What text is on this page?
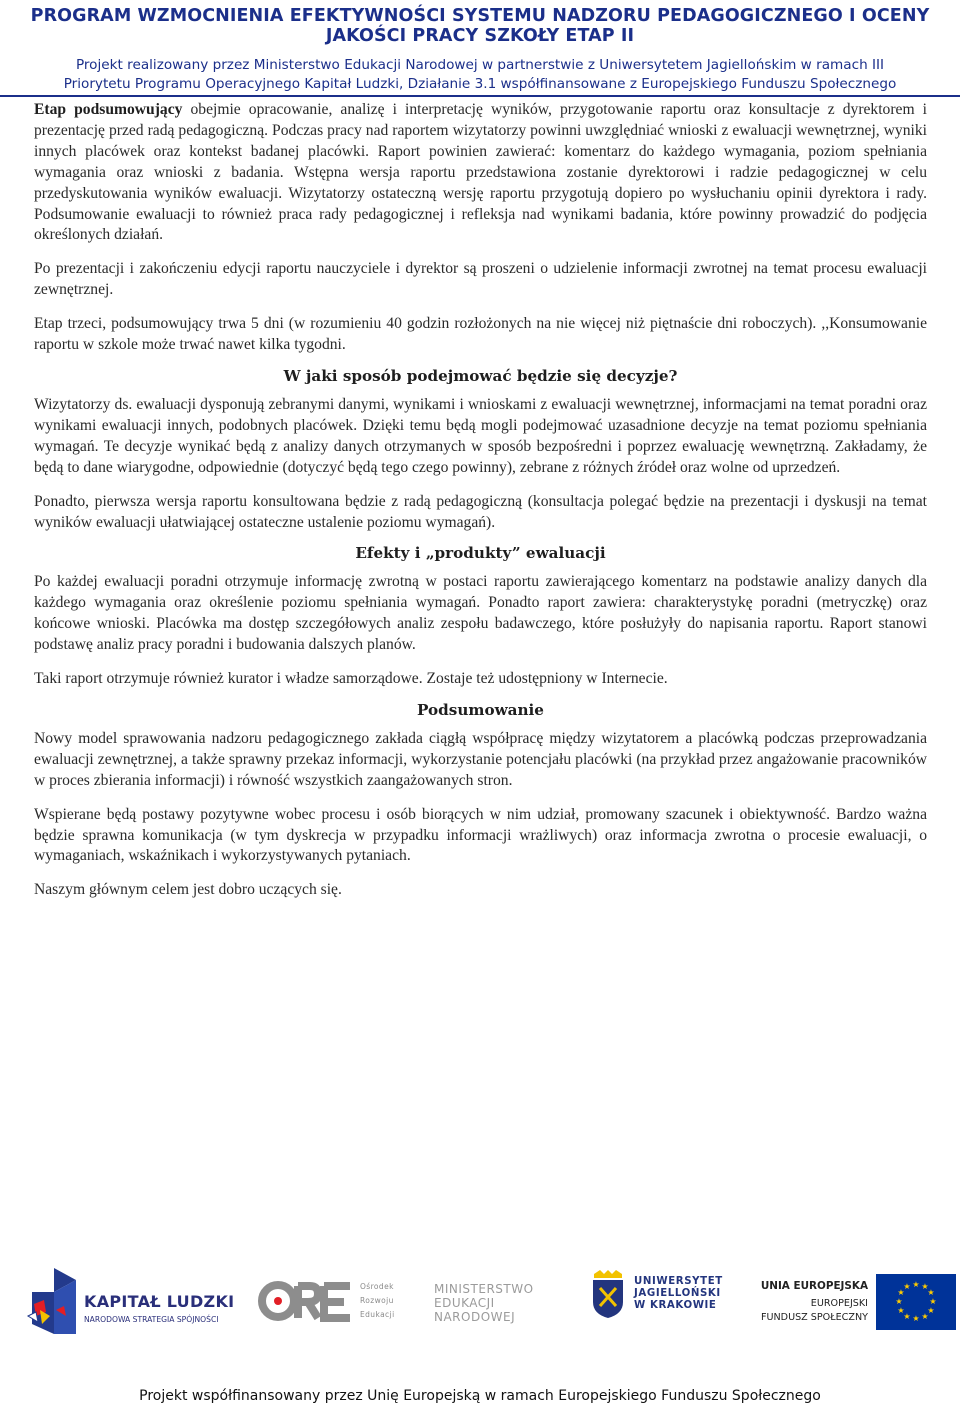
PROGRAM WZMOCNIENIA EFEKTYWNOŚCI SYSTEMU NADZORU PEDAGOGICZNEGO I OCENY
JAKOŚCI PRACY SZKOŁY ETAP II
Projekt realizowany przez Ministerstwo Edukacji Narodowej w partnerstwie z Uniwersytetem Jagiellońskim w ramach III
Priorytetu Programu Operacyjnego Kapitał Ludzki, Działanie 3.1 współfinansowane z Europejskiego Funduszu Społecznego

Etap podsumowujący obejmie opracowanie, analizę i interpretację wyników, przygotowanie raportu oraz konsultacje z dyrektorem i prezentację przed radą pedagogiczną. Podczas pracy nad raportem wizytatorzy powinni uwzględniać wnioski z ewaluacji wewnętrznej, wyniki innych placówek oraz kontekst badanej placówki. Raport powinien zawierać: komentarz do każdego wymagania, poziom spełniania wymagania oraz wnioski z badania. Wstępna wersja raportu przedstawiona zostanie dyrektorowi i radzie pedagogicznej w celu przedyskutowania wyników ewaluacji. Wizytatorzy ostateczną wersję raportu przygotują dopiero po wysłuchaniu opinii dyrektora i rady. Podsumowanie ewaluacji to również praca rady pedagogicznej i refleksja nad wynikami badania, które powinny prowadzić do podjęcia określonych działań.

Po prezentacji i zakończeniu edycji raportu nauczyciele i dyrektor są proszeni o udzielenie informacji zwrotnej na temat procesu ewaluacji zewnętrznej.

Etap trzeci, podsumowujący trwa 5 dni (w rozumieniu 40 godzin rozłożonych na nie więcej niż piętnaście dni roboczych). ,,Konsumowanie raportu w szkole może trwać nawet kilka tygodni.

W jaki sposób podejmować będzie się decyzje?

Wizytatorzy ds. ewaluacji dysponują zebranymi danymi, wynikami i wnioskami z ewaluacji wewnętrznej, informacjami na temat poradni oraz wynikami ewaluacji innych, podobnych placówek. Dzięki temu będą mogli podejmować uzasadnione decyzje na temat poziomu spełniania wymagań. Te decyzje wynikać będą z analizy danych otrzymanych w sposób bezpośredni i poprzez ewaluację wewnętrzną. Zakładamy, że będą to dane wiarygodne, odpowiednie (dotyczyć będą tego czego powinny), zebrane z różnych źródeł oraz wolne od uprzedzeń.

Ponadto, pierwsza wersja raportu konsultowana będzie z radą pedagogiczną (konsultacja polegać będzie na prezentacji i dyskusji na temat wyników ewaluacji ułatwiającej ostateczne ustalenie poziomu wymagań).

Efekty i „produkty” ewaluacji

Po każdej ewaluacji poradni otrzymuje informację zwrotną w postaci raportu zawierającego komentarz na podstawie analizy danych dla każdego wymagania oraz określenie poziomu spełniania wymagań. Ponadto raport zawiera: charakterystykę poradni (metryczkę) oraz końcowe wnioski. Placówka ma dostęp szczegółowych analiz zespołu badawczego, które posłużyły do napisania raportu. Raport stanowi podstawę analiz pracy poradni i budowania dalszych planów.

Taki raport otrzymuje również kurator i władze samorządowe. Zostaje też udostępniony w Internecie.

Podsumowanie

Nowy model sprawowania nadzoru pedagogicznego zakłada ciągłą współpracę między wizytatorem a placówką podczas przeprowadzania ewaluacji zewnętrznej, a także sprawny przekaz informacji, wykorzystanie potencjału placówki (na przykład przez angażowanie pracowników w proces zbierania informacji) i równość wszystkich zaangażowanych stron.

Wspierane będą postawy pozytywne wobec procesu i osób biorących w nim udział, promowany szacunek i obiektywność. Bardzo ważna będzie sprawna komunikacja (w tym dyskrecja w przypadku informacji wrażliwych) oraz informacja zwrotna o procesie ewaluacji, o wymaganiach, wskaźnikach i wykorzystywanych pytaniach.

Naszym głównym celem jest dobro uczących się.

KAPITAŁ LUDZKI
NARODOWA STRATEGIA SPÓJNOŚCI
Ośrodek
Rozwoju
Edukacji
MINISTERSTWO
EDUKACJI
NARODOWEJ
UNIWERSYTET
JAGIELLOŃSKI
W KRAKOWIE
UNIA EUROPEJSKA
EUROPEJSKI
FUNDUSZ SPOŁECZNY
★ ★
★
★
★
★
★
★
★
★
★
★
Projekt współfinansowany przez Unię Europejską w ramach Europejskiego Funduszu Społecznego
